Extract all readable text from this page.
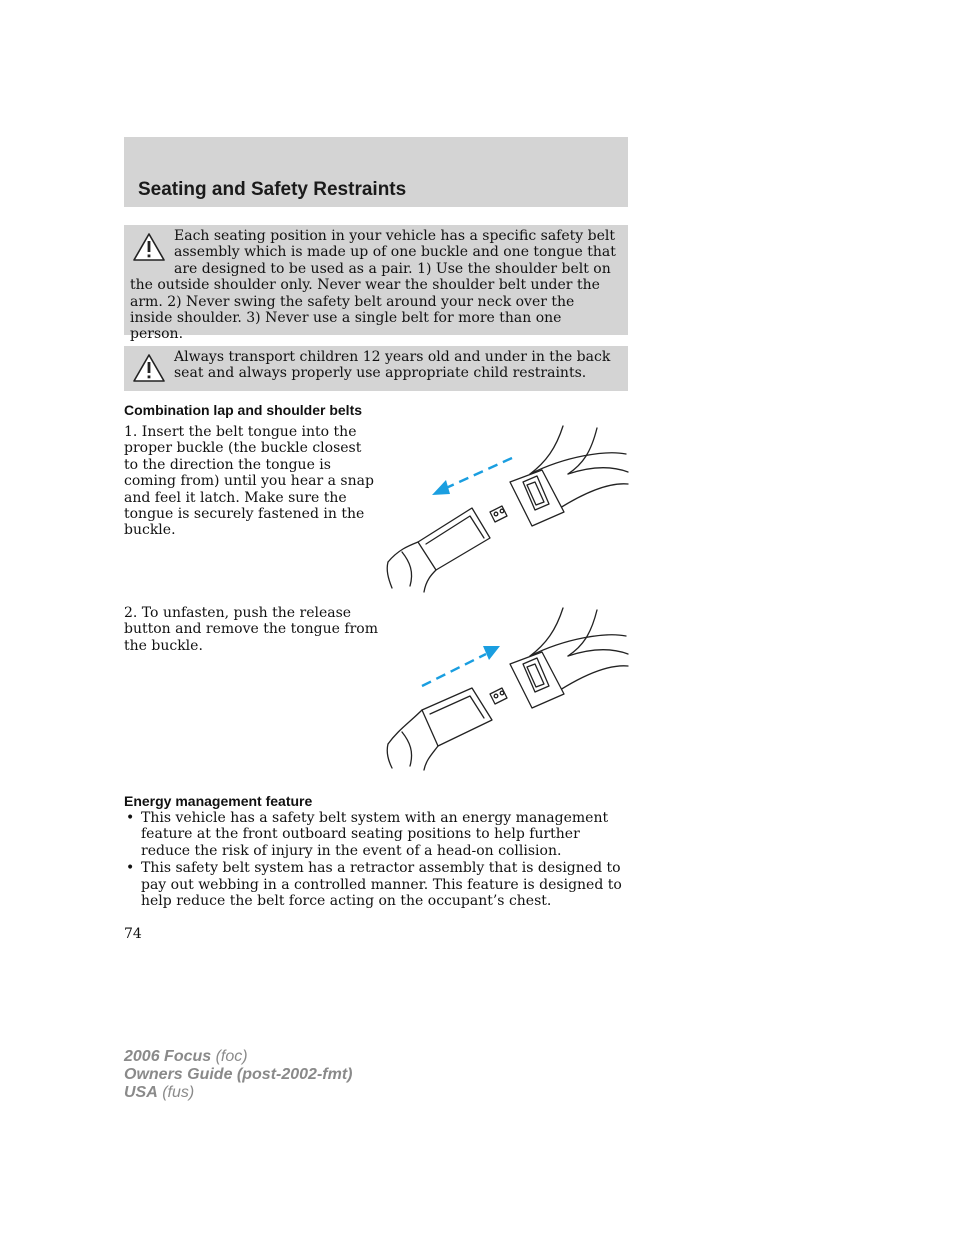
Seating and Safety Restraints

Each seating position in your vehicle has a specific safety belt assembly which is made up of one buckle and one tongue that are designed to be used as a pair. 1) Use the shoulder belt on the outside shoulder only. Never wear the shoulder belt under the arm. 2) Never swing the safety belt around your neck over the inside shoulder. 3) Never use a single belt for more than one person.

Always transport children 12 years old and under in the back seat and always properly use appropriate child restraints.

Combination lap and shoulder belts

1. Insert the belt tongue into the proper buckle (the buckle closest to the direction the tongue is coming from) until you hear a snap and feel it latch. Make sure the tongue is securely fastened in the buckle.

2. To unfasten, push the release button and remove the tongue from the buckle.

Energy management feature
• This vehicle has a safety belt system with an energy management feature at the front outboard seating positions to help further reduce the risk of injury in the event of a head-on collision.
• This safety belt system has a retractor assembly that is designed to pay out webbing in a controlled manner. This feature is designed to help reduce the belt force acting on the occupant’s chest.

74

2006 Focus (foc)
Owners Guide (post-2002-fmt)
USA (fus)
